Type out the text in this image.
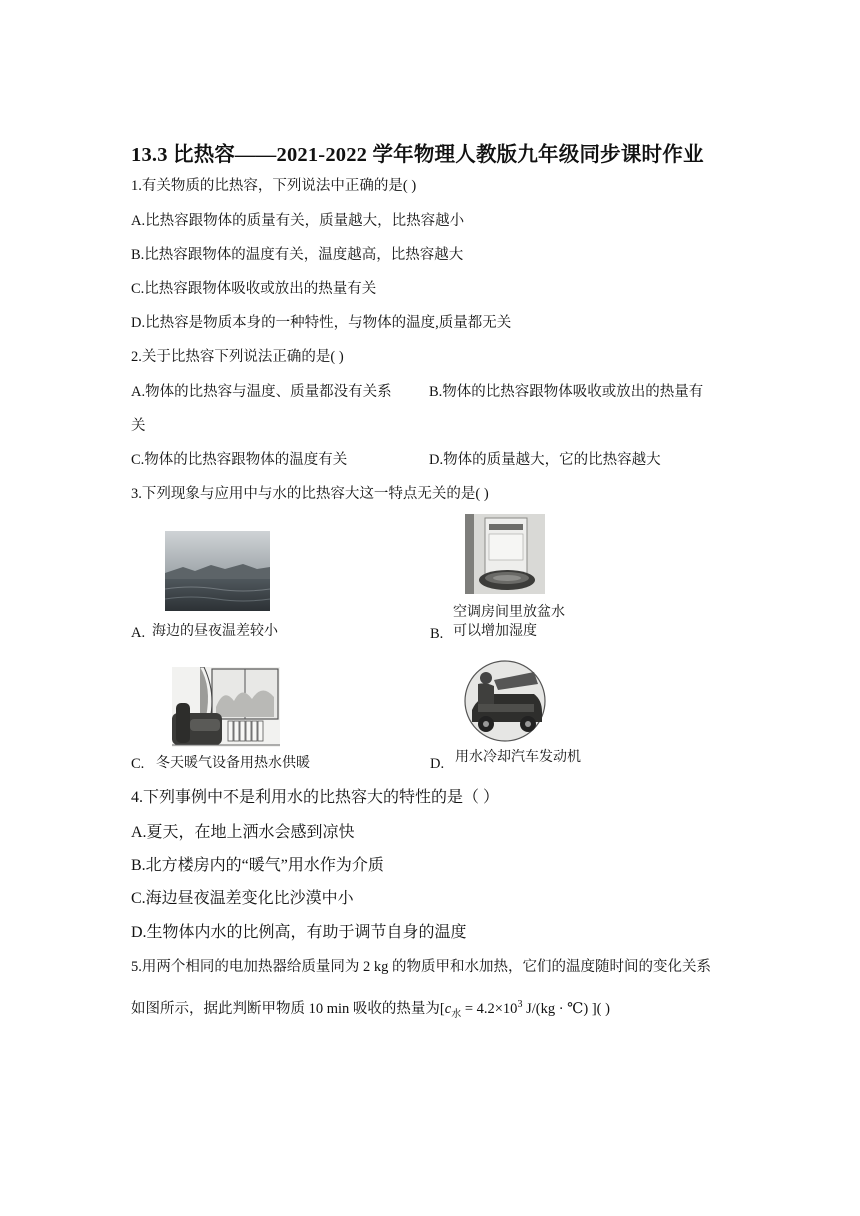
13.3 比热容——2021-2022 学年物理人教版九年级同步课时作业
1.有关物质的比热容，下列说法中正确的是( )
A.比热容跟物体的质量有关，质量越大，比热容越小
B.比热容跟物体的温度有关，温度越高，比热容越大
C.比热容跟物体吸收或放出的热量有关
D.比热容是物质本身的一种特性，与物体的温度,质量都无关
2.关于比热容下列说法正确的是( )
A.物体的比热容与温度、质量都没有关系	B.物体的比热容跟物体吸收或放出的热量有
关
C.物体的比热容跟物体的温度有关	D.物体的质量越大，它的比热容越大
3.下列现象与应用中与水的比热容大这一特点无关的是( )
A. 海边的昼夜温差较小	B.
空调房间里放盆水
可以增加湿度
C. 冬天暖气设备用热水供暖	D. 用水冷却汽车发动机
4.下列事例中不是利用水的比热容大的特性的是（ ）
A.夏天，在地上洒水会感到凉快
B.北方楼房内的“暖气”用水作为介质
C.海边昼夜温差变化比沙漠中小
D.生物体内水的比例高，有助于调节自身的温度
5.用两个相同的电加热器给质量同为 2 kg 的物质甲和水加热，它们的温度随时间的变化关系
如图所示，据此判断甲物质 10 min 吸收的热量为[$c_水 = 4.2\times 10^3$ J/(kg · ℃) ]( )
